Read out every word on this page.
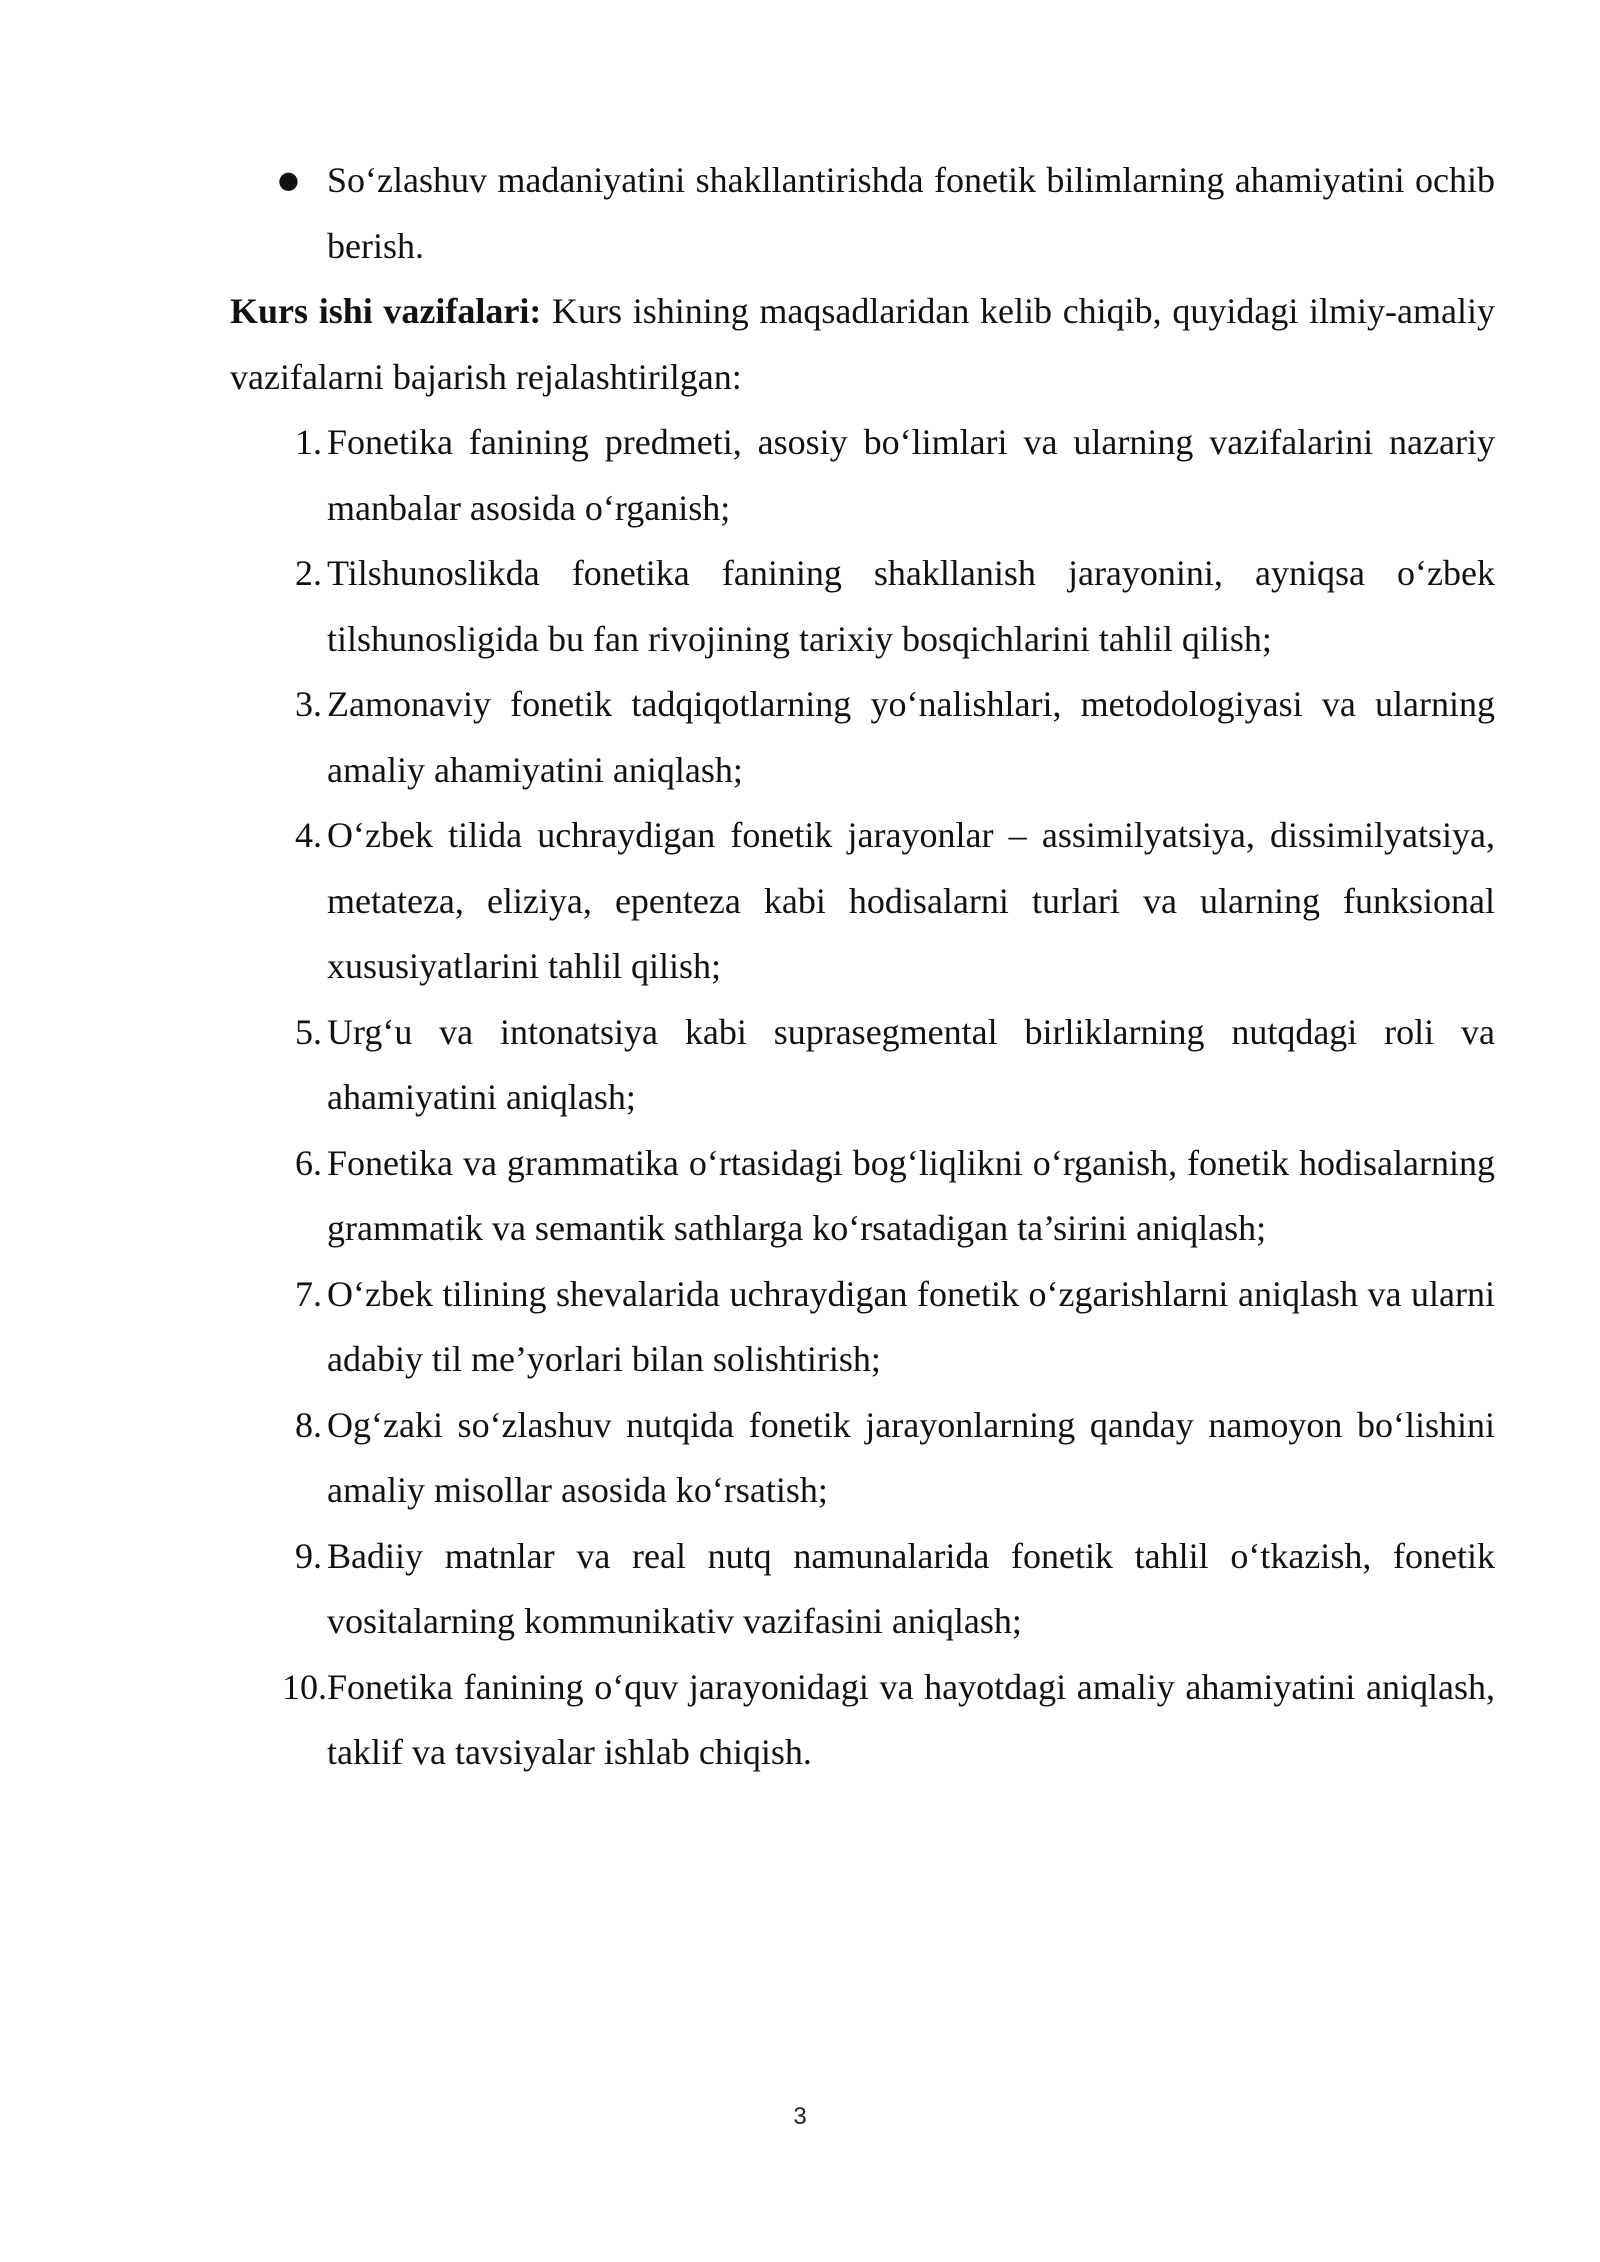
● So‘zlashuv madaniyatini shakllantirishda fonetik bilimlarning ahamiyatini ochib berish.

Kurs ishi vazifalari: Kurs ishining maqsadlaridan kelib chiqib, quyidagi ilmiy-amaliy vazifalarni bajarish rejalashtirilgan:

1. Fonetika fanining predmeti, asosiy bo‘limlari va ularning vazifalarini nazariy manbalar asosida o‘rganish;
2. Tilshunoslikda fonetika fanining shakllanish jarayonini, ayniqsa o‘zbek tilshunosligida bu fan rivojining tarixiy bosqichlarini tahlil qilish;
3. Zamonaviy fonetik tadqiqotlarning yo‘nalishlari, metodologiyasi va ularning amaliy ahamiyatini aniqlash;
4. O‘zbek tilida uchraydigan fonetik jarayonlar – assimilyatsiya, dissimilyatsiya, metateza, eliziya, epenteza kabi hodisalarni turlari va ularning funksional xususiyatlarini tahlil qilish;
5. Urg‘u va intonatsiya kabi suprasegmental birliklarning nutqdagi roli va ahamiyatini aniqlash;
6. Fonetika va grammatika o‘rtasidagi bog‘liqlikni o‘rganish, fonetik hodisalarning grammatik va semantik sathlarga ko‘rsatadigan ta’sirini aniqlash;
7. O‘zbek tilining shevalarida uchraydigan fonetik o‘zgarishlarni aniqlash va ularni adabiy til me’yorlari bilan solishtirish;
8. Og‘zaki so‘zlashuv nutqida fonetik jarayonlarning qanday namoyon bo‘lishini amaliy misollar asosida ko‘rsatish;
9. Badiiy matnlar va real nutq namunalarida fonetik tahlil o‘tkazish, fonetik vositalarning kommunikativ vazifasini aniqlash;
10. Fonetika fanining o‘quv jarayonidagi va hayotdagi amaliy ahamiyatini aniqlash, taklif va tavsiyalar ishlab chiqish.
3
